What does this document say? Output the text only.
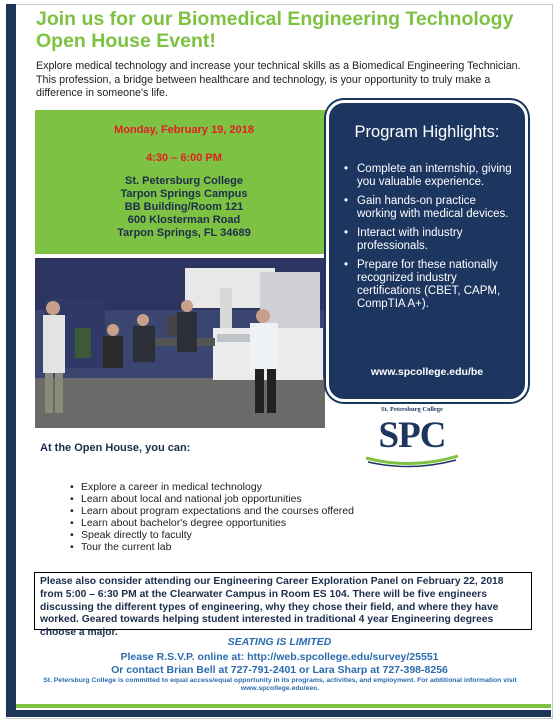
Join us for our Biomedical Engineering Technology
Open House Event!
Explore medical technology and increase your technical skills as a Biomedical Engineering Technician. This profession, a bridge between healthcare and technology, is your opportunity to truly make a difference in someone's life.
Monday, February 19, 2018
4:30 – 6:00 PM
St. Petersburg College
Tarpon Springs Campus
BB Building/Room 121
600 Klosterman Road
Tarpon Springs, FL 34689
Program Highlights:
• Complete an internship, giving you valuable experience.
• Gain hands-on practice working with medical devices.
• Interact with industry professionals.
• Prepare for these nationally recognized industry certifications (CBET, CAPM, CompTIA A+).
www.spcollege.edu/be
St. Petersburg College
SPC
At the Open House, you can:
• Explore a career in medical technology
• Learn about local and national job opportunities
• Learn about program expectations and the courses offered
• Learn about bachelor's degree opportunities
• Speak directly to faculty
• Tour the current lab
Please also consider attending our Engineering Career Exploration Panel on February 22, 2018 from 5:00 – 6:30 PM at the Clearwater Campus in Room ES 104. There will be five engineers discussing the different types of engineering, why they chose their field, and where they have worked. Geared towards helping student interested in traditional 4 year Engineering degrees choose a major.
SEATING IS LIMITED
Please R.S.V.P. online at: http://web.spcollege.edu/survey/25551
Or contact Brian Bell at 727-791-2401 or Lara Sharp at 727-398-8256
St. Petersburg College is committed to equal access/equal opportunity in its programs, activities, and employment. For additional information visit www.spcollege.edu/eeo.
